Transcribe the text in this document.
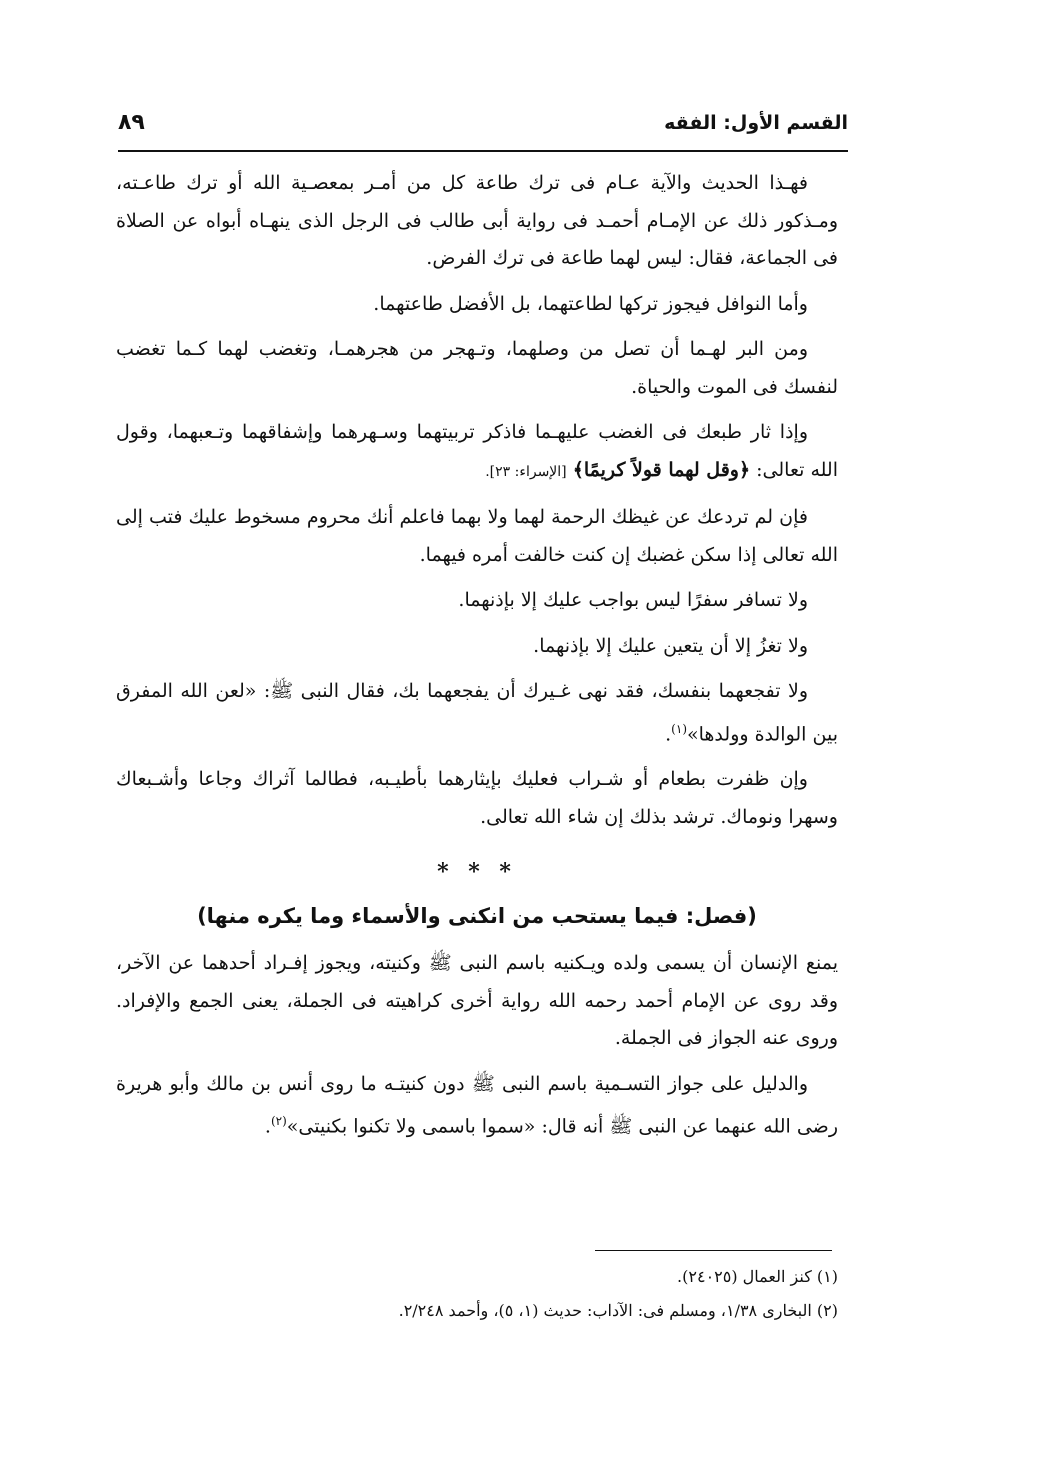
القسم الأول: الفقه
٨٩

فهـذا الحديث والآية عـام فى ترك طاعة كل من أمـر بمعصـية الله أو ترك طاعـته، ومـذكور ذلك عن الإمـام أحمـد فى رواية أبى طالب فى الرجل الذى ينهـاه أبواه عن الصلاة فى الجماعة، فقال: ليس لهما طاعة فى ترك الفرض.

وأما النوافل فيجوز تركها لطاعتهما، بل الأفضل طاعتهما.

ومن البر لهـما أن تصل من وصلهما، وتـهجر من هجرهمـا، وتغضب لهما كـما تغضب لنفسك فى الموت والحياة.

وإذا ثار طبعك فى الغضب عليهـما فاذكر تربيتهما وسـهرهما وإشفاقهما وتـعبهما، وقول الله تعالى: ﴿وقل لهما قولاً كريمًا﴾ [الإسراء: ٢٣].

فإن لم تردعك عن غيظك الرحمة لهما ولا بهما فاعلم أنك محروم مسخوط عليك فتب إلى الله تعالى إذا سكن غضبك إن كنت خالفت أمره فيهما.

ولا تسافر سفرًا ليس بواجب عليك إلا بإذنهما.

ولا تغزُ إلا أن يتعين عليك إلا بإذنهما.

ولا تفجعهما بنفسك، فقد نهى غـيرك أن يفجعهما بك، فقال النبى ﷺ: «لعن الله المفرق بين الوالدة وولدها»$^{(١)}$.

وإن ظفرت بطعام أو شـراب فعليك بإيثارهما بأطيـبه، فطالما آثراك وجاعا وأشـبعاك وسهرا ونوماك. ترشد بذلك إن شاء الله تعالى.

* * *
(فصل: فيما يستحب من انكنى والأسماء وما يكره منها)

يمنع الإنسان أن يسمى ولده ويـكنيه باسم النبى ﷺ وكنيته، ويجوز إفـراد أحدهما عن الآخر، وقد روى عن الإمام أحمد رحمه الله رواية أخرى كراهيته فى الجملة، يعنى الجمع والإفراد. وروى عنه الجواز فى الجملة.

والدليل على جواز التسـمية باسم النبى ﷺ دون كنيتـه ما روى أنس بن مالك وأبو هريرة رضى الله عنهما عن النبى ﷺ أنه قال: «سموا باسمى ولا تكنوا بكنيتى»$^{(٢)}$.

(١) كنز العمال (٢٤٠٢٥).

(٢) البخارى ١/٣٨، ومسلم فى: الآداب: حديث (١، ٥)، وأحمد ٢/٢٤٨.
